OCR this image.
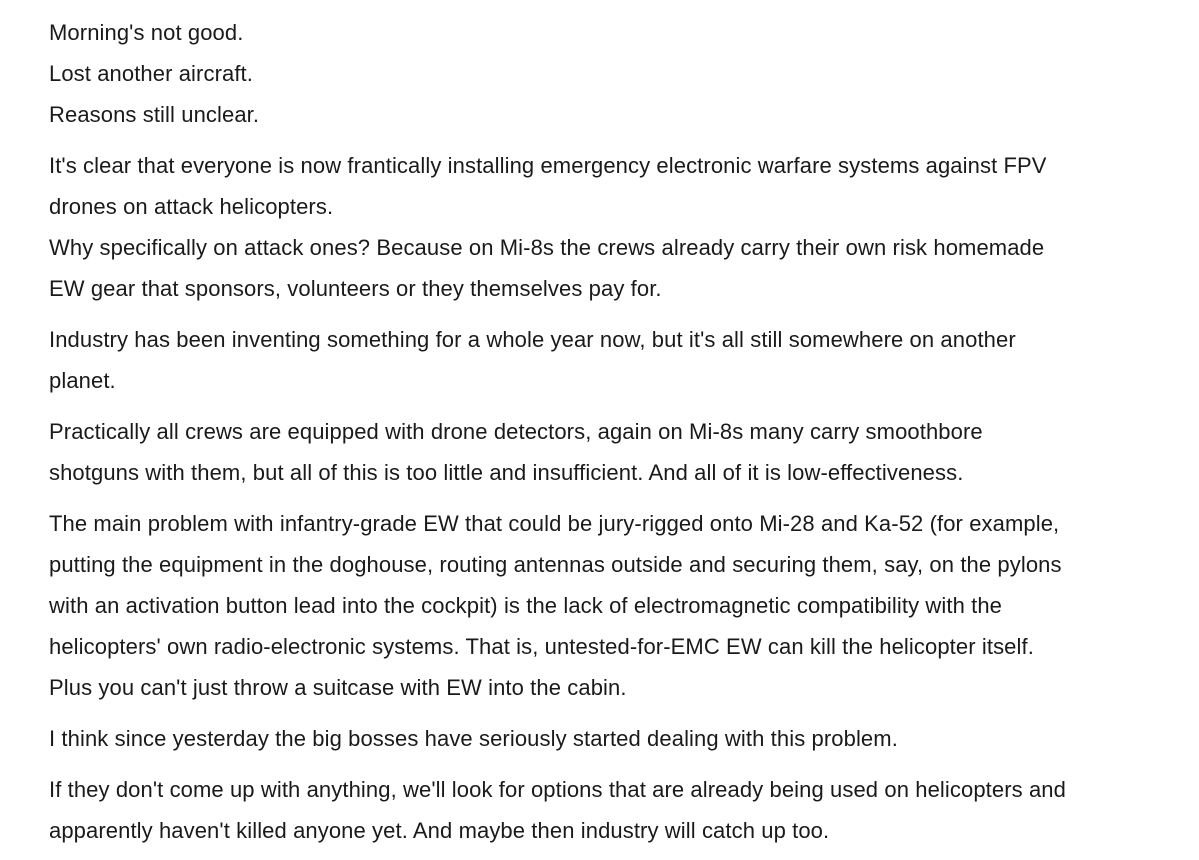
Morning's not good.

Lost another aircraft.

Reasons still unclear.

It's clear that everyone is now frantically installing emergency electronic warfare systems against FPV
drones on attack helicopters.

Why specifically on attack ones? Because on Mi-8s the crews already carry their own risk homemade
EW gear that sponsors, volunteers or they themselves pay for.

Industry has been inventing something for a whole year now, but it's all still somewhere on another
planet.

Practically all crews are equipped with drone detectors, again on Mi-8s many carry smoothbore
shotguns with them, but all of this is too little and insufficient. And all of it is low-effectiveness.

The main problem with infantry-grade EW that could be jury-rigged onto Mi-28 and Ka-52 (for example,
putting the equipment in the doghouse, routing antennas outside and securing them, say, on the pylons
with an activation button lead into the cockpit) is the lack of electromagnetic compatibility with the
helicopters' own radio-electronic systems. That is, untested-for-EMC EW can kill the helicopter itself.
Plus you can't just throw a suitcase with EW into the cabin.

I think since yesterday the big bosses have seriously started dealing with this problem.

If they don't come up with anything, we'll look for options that are already being used on helicopters and
apparently haven't killed anyone yet. And maybe then industry will catch up too.
